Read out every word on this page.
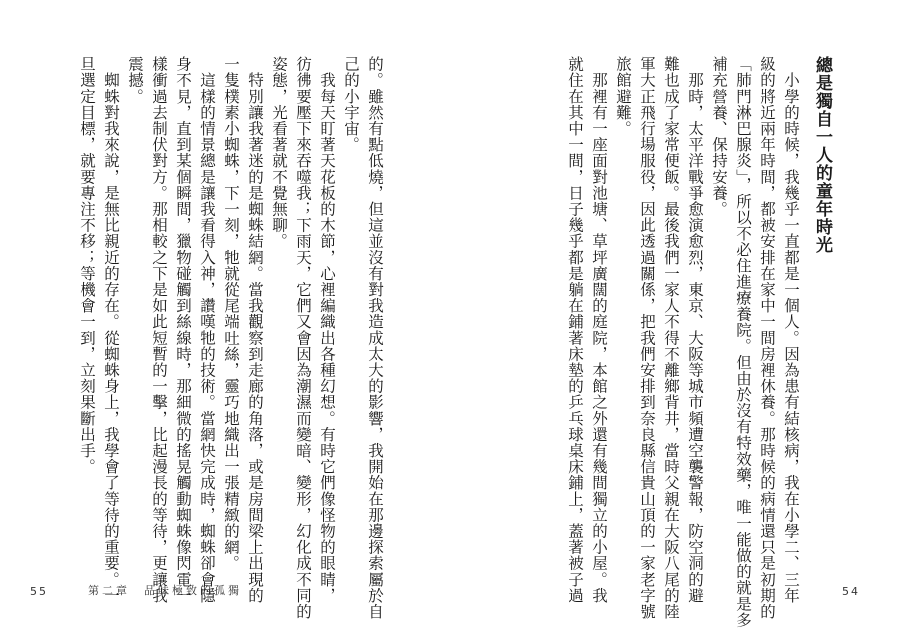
總是獨自一人的童年時光
　小學的時候，我幾乎一直都是一個人。因為患有結核病，我在小學二、三年
級的將近兩年時間，都被安排在家中一間房裡休養。那時候的病情還只是初期的
「肺門淋巴腺炎」，所以不必住進療養院。但由於沒有特效藥，唯一能做的就是多
補充營養、保持安養。
　那時，太平洋戰爭愈演愈烈，東京、大阪等城市頻遭空襲警報，防空洞的避
難也成了家常便飯。最後我們一家人不得不離鄉背井，當時父親在大阪八尾的陸
軍大正飛行場服役，因此透過關係，把我們安排到奈良縣信貴山頂的一家老字號
旅館避難。
　那裡有一座面對池塘、草坪廣闊的庭院，本館之外還有幾間獨立的小屋。我
就住在其中一間，日子幾乎都是躺在鋪著床墊的乒乓球桌床鋪上，蓋著被子過
的。雖然有點低燒，但這並沒有對我造成太大的影響，我開始在那邊探索屬於自
己的小宇宙。
　我每天盯著天花板的木節，心裡編織出各種幻想。有時它們像怪物的眼睛，
彷彿要壓下來吞噬我；下雨天，它們又會因為潮濕而變暗、變形，幻化成不同的
姿態，光看著就不覺無聊。
　特別讓我著迷的是蜘蛛結網。當我觀察到走廊的角落，或是房間梁上出現的
一隻樸素小蜘蛛，下一刻，牠就從尾端吐絲，靈巧地織出一張精緻的網。
　這樣的情景總是讓我看得入神，讚嘆牠的技術。當網快完成時，蜘蛛卻會隱
身不見，直到某個瞬間，獵物碰觸到絲線時，那細微的搖晃觸動蜘蛛像閃電一
樣衝過去制伏對方。那相較之下是如此短暫的一擊，比起漫長的等待，更讓我
震撼。
　蜘蛛對我來說，是無比親近的存在。從蜘蛛身上，我學會了等待的重要。一
旦選定目標，就要專注不移；等機會一到，立刻果斷出手。
55	第二章　品味極致的孤獨	54
